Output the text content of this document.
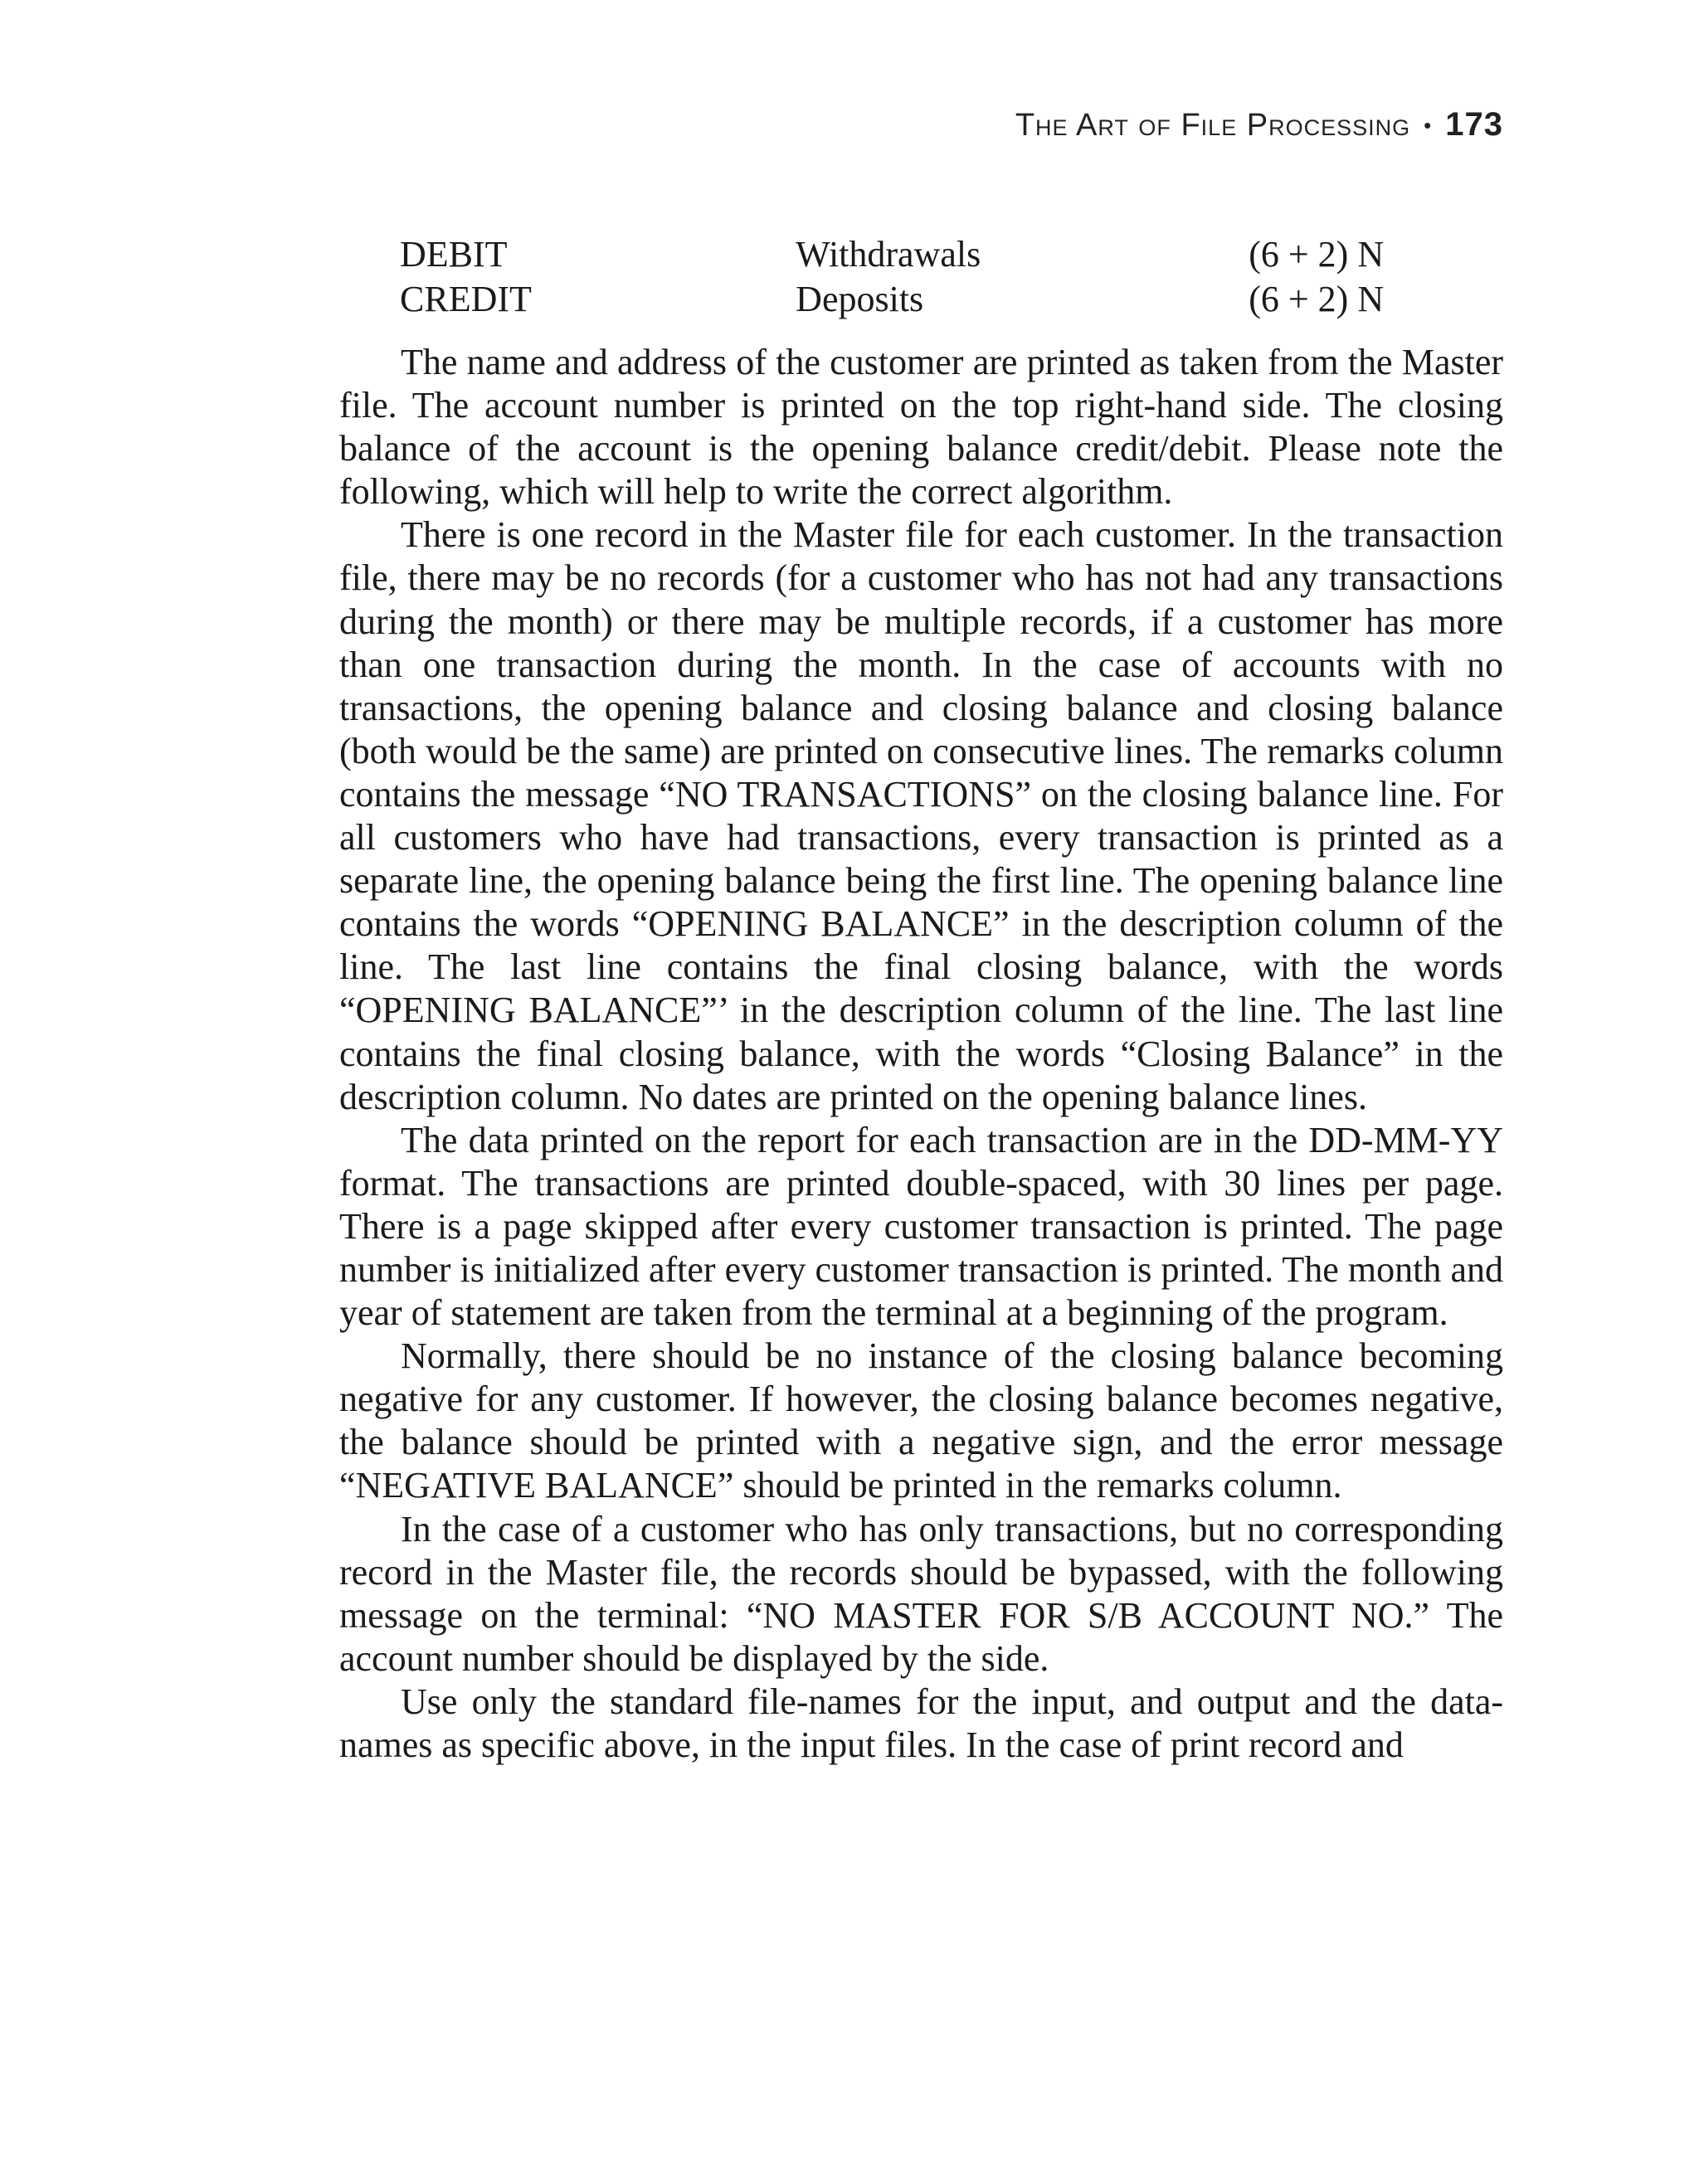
The Art of File Processing • 173
DEBIT	Withdrawals	(6 + 2) N
CREDIT	Deposits	(6 + 2) N

The name and address of the customer are printed as taken from the Master file. The account number is printed on the top right-hand side. The closing balance of the account is the opening balance credit/debit. Please note the following, which will help to write the correct algorithm.

There is one record in the Master file for each customer. In the transaction file, there may be no records (for a customer who has not had any transactions during the month) or there may be multiple records, if a customer has more than one transaction during the month. In the case of accounts with no transactions, the opening balance and closing balance and closing balance (both would be the same) are printed on consecutive lines. The remarks column contains the message “NO TRANSACTIONS” on the closing balance line. For all customers who have had transactions, every transaction is printed as a separate line, the opening balance being the first line. The opening balance line contains the words “OPENING BALANCE” in the description column of the line. The last line contains the final closing balance, with the words “OPENING BALANCE”’ in the description column of the line. The last line contains the final closing balance, with the words “Closing Balance” in the description column. No dates are printed on the opening balance lines.

The data printed on the report for each transaction are in the DD-MM-YY format. The transactions are printed double-spaced, with 30 lines per page. There is a page skipped after every customer transaction is printed. The page number is initialized after every customer transaction is printed. The month and year of statement are taken from the terminal at a beginning of the program.

Normally, there should be no instance of the closing balance becoming negative for any customer. If however, the closing balance becomes negative, the balance should be printed with a negative sign, and the error message “NEGATIVE BALANCE” should be printed in the remarks column.

In the case of a customer who has only transactions, but no corresponding record in the Master file, the records should be bypassed, with the following message on the terminal: “NO MASTER FOR S/B ACCOUNT NO.” The account number should be displayed by the side.

Use only the standard file-names for the input, and output and the data-names as specific above, in the input files. In the case of print record and
